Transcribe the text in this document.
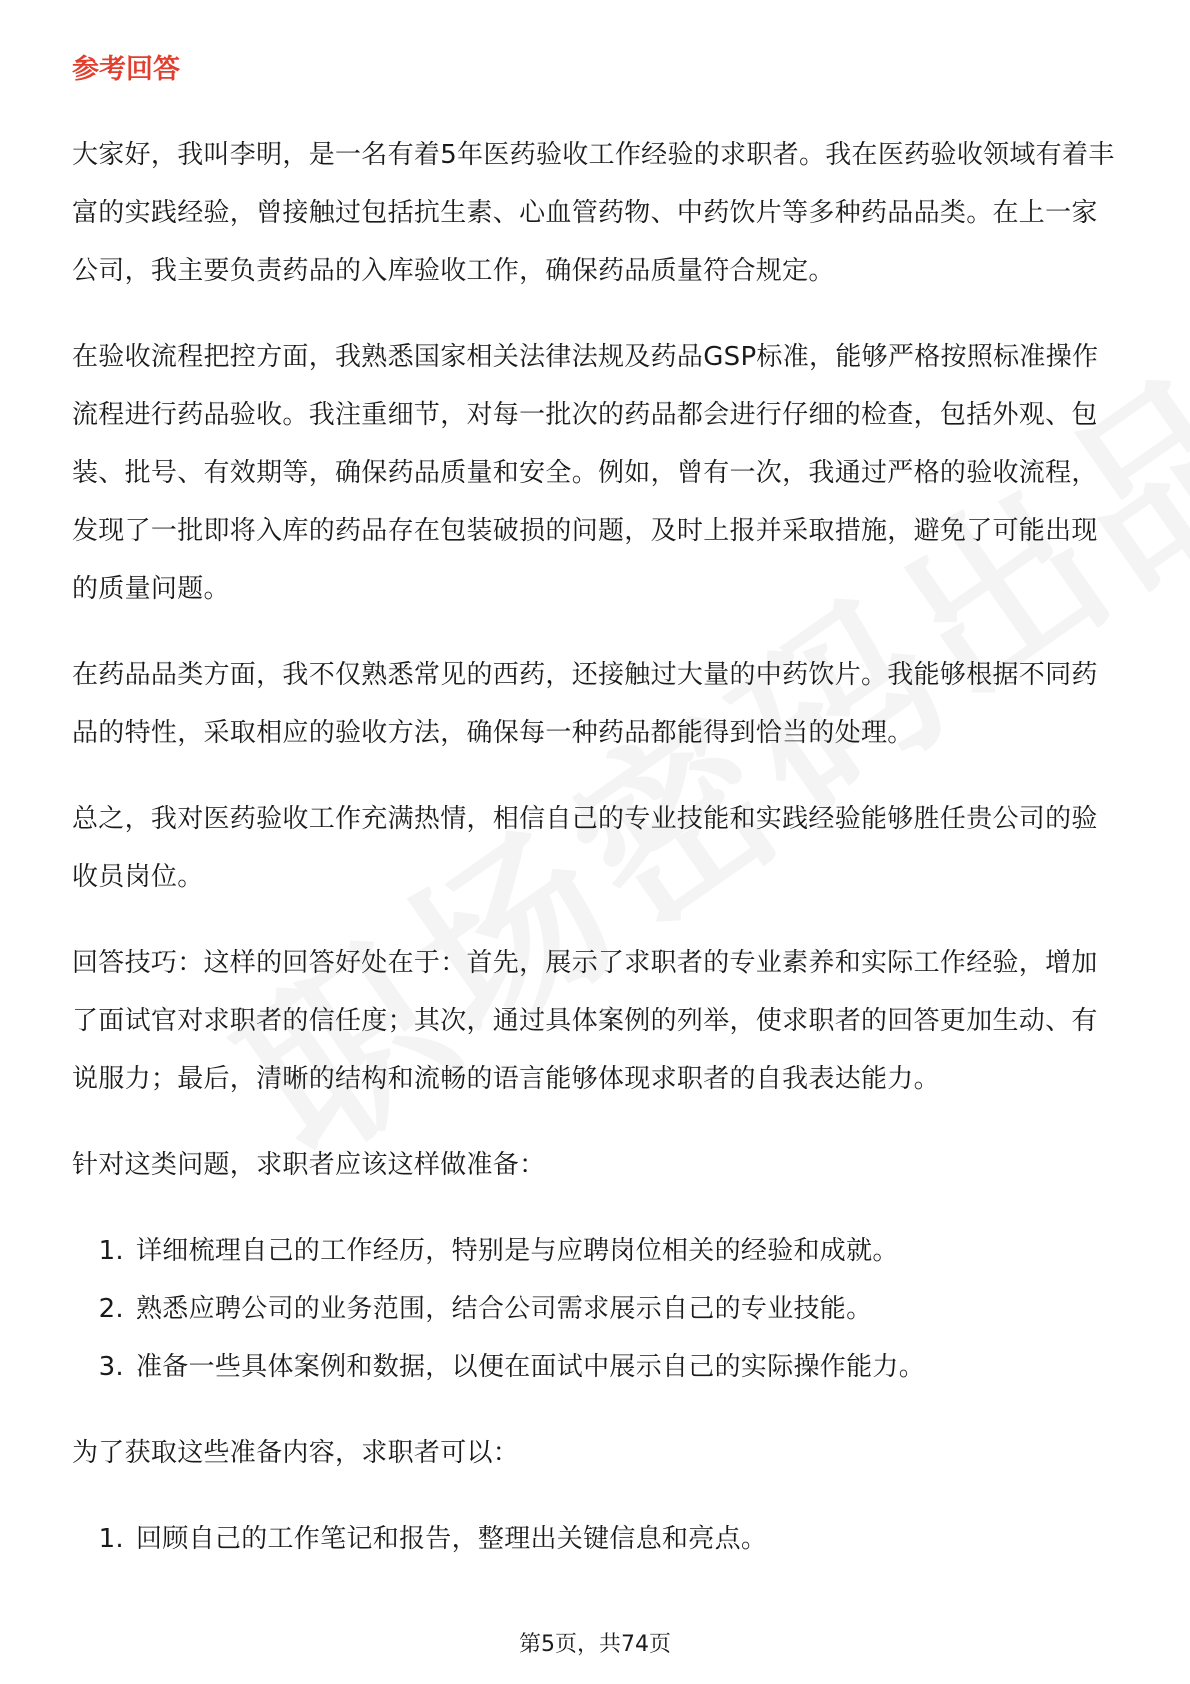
参考回答

大家好，我叫李明，是一名有着5年医药验收工作经验的求职者。我在医药验收领域有着丰富的实践经验，曾接触过包括抗生素、心血管药物、中药饮片等多种药品品类。在上一家公司，我主要负责药品的入库验收工作，确保药品质量符合规定。

在验收流程把控方面，我熟悉国家相关法律法规及药品GSP标准，能够严格按照标准操作流程进行药品验收。我注重细节，对每一批次的药品都会进行仔细的检查，包括外观、包装、批号、有效期等，确保药品质量和安全。例如，曾有一次，我通过严格的验收流程，发现了一批即将入库的药品存在包装破损的问题，及时上报并采取措施，避免了可能出现的质量问题。

在药品品类方面，我不仅熟悉常见的西药，还接触过大量的中药饮片。我能够根据不同药品的特性，采取相应的验收方法，确保每一种药品都能得到恰当的处理。

总之，我对医药验收工作充满热情，相信自己的专业技能和实践经验能够胜任贵公司的验收员岗位。

回答技巧：这样的回答好处在于：首先，展示了求职者的专业素养和实际工作经验，增加了面试官对求职者的信任度；其次，通过具体案例的列举，使求职者的回答更加生动、有说服力；最后，清晰的结构和流畅的语言能够体现求职者的自我表达能力。

针对这类问题，求职者应该这样做准备：

1. 详细梳理自己的工作经历，特别是与应聘岗位相关的经验和成就。
2. 熟悉应聘公司的业务范围，结合公司需求展示自己的专业技能。
3. 准备一些具体案例和数据，以便在面试中展示自己的实际操作能力。

为了获取这些准备内容，求职者可以：

1. 回顾自己的工作笔记和报告，整理出关键信息和亮点。
第5页，共74页
